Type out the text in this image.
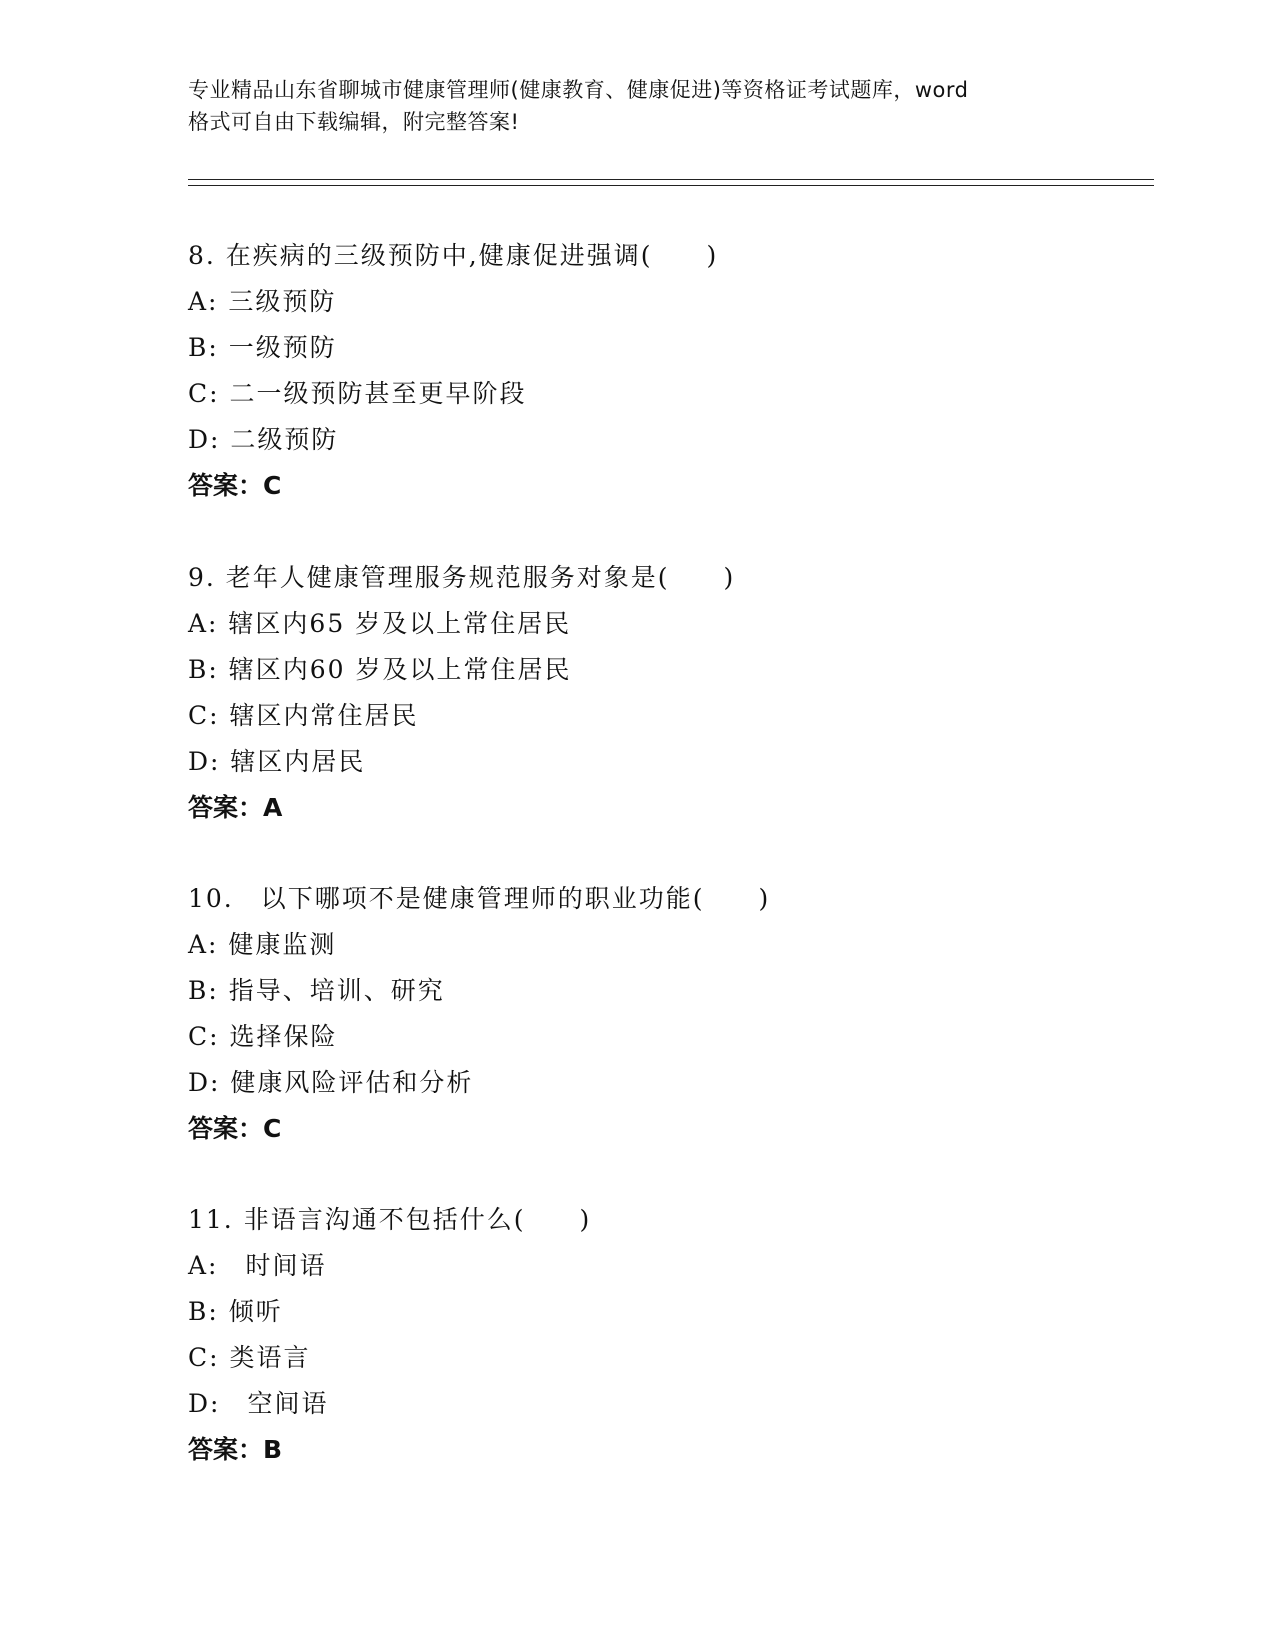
专业精品山东省聊城市健康管理师(健康教育、健康促进)等资格证考试题库，word
格式可自由下载编辑，附完整答案!
8. 在疾病的三级预防中,健康促进强调(　　)
A: 三级预防
B: 一级预防
C: 二一级预防甚至更早阶段
D: 二级预防
答案：C
9. 老年人健康管理服务规范服务对象是(　　)
A: 辖区内65 岁及以上常住居民
B: 辖区内60 岁及以上常住居民
C: 辖区内常住居民
D: 辖区内居民
答案：A
10.　以下哪项不是健康管理师的职业功能(　　)
A: 健康监测
B: 指导、培训、研究
C: 选择保险
D: 健康风险评估和分析
答案：C
11. 非语言沟通不包括什么(　　)
A:　时间语
B: 倾听
C: 类语言
D:　空间语
答案：B
